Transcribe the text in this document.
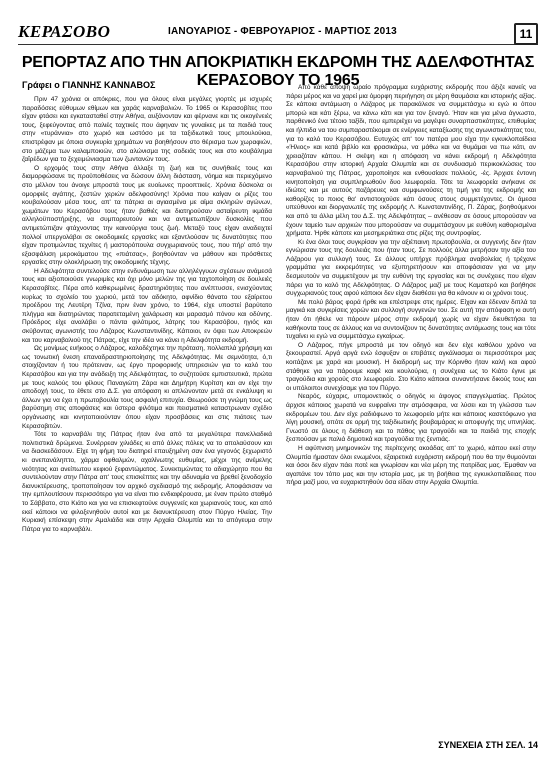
ΚΕΡΑΣΟΒΟ	ΙΑΝΟΥΑΡΙΟΣ - ΦΕΒΡΟΥΑΡΙΟΣ - ΜΑΡΤΙΟΣ 2013	11
ΡΕΠΟΡΤΑΖ ΑΠΟ ΤΗΝ ΑΠΟΚΡΙΑΤΙΚΗ ΕΚΔΡΟΜΗ ΤΗΣ ΑΔΕΛΦΟΤΗΤΑΣ ΚΕΡΑΣΟΒΟΥ ΤΟ 1965
Γράφει ο ΓΙΑΝΝΗΣ ΚΑΝΝΑΒΟΣ

Πριν 47 χρόνια οι απόκριες, που για όλους είναι μεγάλες γιορτές με ισχυρές παραδόσεις εύθυμων εθίμων και χαράς καρναβαλιών. Το 1965 οι Κερασοβίτες που είχαν φτάσει και εγκατασταθεί στην Αθήνα, αυξάνονταν και φέρνανε και τις οικογένειές τους, ξεφεύγοντας από παλιές ταχτικές που άφηναν τις γυναίκες με τα παιδιά τους στην «τυράννια» στο χωριό και ωστόσο με τα ταξιδιωτικά τους μπουλούκια, επιστρέφαν με όποια συγκυρία χρημάτων να βοηθήσουν στο θέρισμα των χωραφιών, στο μάζεμα των καλαμποκιών, στο αλώνισμα της σοδειάς τους και στο κουβάλημα ζαΐρέδων για το ξεχειμώνιασμα των ζωντανών τους.

Ο ερχομός τους στην Αθήνα άλλαξε τη ζωή και τις συνήθειές τους και διαμορφώσανε τις προϋποθέσεις να δώσουν άλλη διάσταση, νόημα και περιεχόμενο στο μέλλον του άνοιγε μπροστά τους με ευοίωνες προοπτικές. Χρόνια δύσκολα οι ομορφιές αγάπης, ζεστών χεριών αδελφοσύνης! Χρόνια που καίγαν οι ρίζες του κουβαλούσαν μέσα τους, απ' τα πάτρια αι αγιασμένα με αίμα σκληρών αγώνων, χωμάτων του Κερασόβου τους ήταν βαθιές και διατηρούσαν ασταίρευτη ικμάδα αλληλοϋποστήριξης, να συμπορευτούν και να αντιμετωπίζουν δυσκολίες που αντιμετώπιζαν φτάχνοντας την καινούργια τους ζωή. Μεταξύ τους είχαν αναδειχτεί πολλοί υπεργολάβοι σε οικοδομικές εργασίες και εξαντλούσαν τις δυνατότητες που είχαν προτιμώντας τεχνίτες ή μαστορόπουλα συγχωριανούς τους, που πήρ' από την εξασφάλιση μεροκάματου της «πιάτσας», βοηθούνταν να μάθουν και πρόσθετες εργασίες στην ολοκλήρωση της οικοδομικής τέχνης.

Η Αδελφότητα συντελούσε στην ενδυνάμωση των αλληλέγγυων σχέσεων ανάμεσά τους και αξιοποιούσε γνωριμίες και όχι μόνο μελών της για ταχτοποίηση σε δουλειές Κερασοβίτες. Πέρα από καθιερωμένες δραστηριότητες που ανέπτυσσε, ενισχύοντας κυρίως το σχολείο του χωριού, μετά τον αδόκητο, αφνίδιο θάνατο του εξαίρετου προέδρου της Λευτέρη Τζίνα, πριν έναν χρόνο, το 1964, είχε υποστεί βαρύτατο πλήγμα και διατηρώντας παρατεταμένη χαλάρωση και μαρασμό πόνου και οδύνης. Πρόεδρος είχε αναλάβει ο πάντα φιλότιμος, λάτρης του Κερασόβου, ηγιός και σκύβοντας αγωνιστής του Λάζαρος Κωνσταντινίδης. Κάποιοι, εν όψει των Αποκρεών και του καρναβαλιού της Πάτρας, είχε την ιδέα να κάνει η Αδελφότητα εκδρομή.

Ως μονίμως ευήκοος ο Λάζαρος, καλοδέχτηκε την πρόταση, πολλαπλά χρήσιμη και ως τονωτική ένεση επαναδραστηριοποίησης της Αδελφότητας. Με σεμνότητα, ό,τι στοιχίζονταν ή του πρότειναν, ως έργο προφορικής υπηρεσιών για το καλό του Κερασόβου και για την ανάδειξη της Αδελφότητας, το συζητούσε εμπιστευτικά, πρώτα με τους καλούς του φίλους Παναγιώτη Ζάρα και Δημήτρη Κυρίτση και αν είχε την αποδοχή τους, το έθετε στο Δ.Σ. για απόφαση κι απλώνονταν μετά σε ενκάλυψη κι άλλων για να έχει η πρωτοβουλία τους ασφαλή επιτυχία. Θεωρούσε τη γνώμη τους ως βαρύσημη στις αποφάσεις και ύστερα φιλότιμα και πεισματικά καταστρωναν σχέδιο οργάνωσης και κινητοποιούνταν όπου είχαν προσβάσεις και στις πιάτσες των Κερασοβιτών.

Τότε το καρναβάλι της Πάτρας ήταν ένα από τα μεγαλύτερα πανελλαδικά πολιτιστικά δρώμενα. Συνέρρεαν χιλιάδες κι από άλλες πόλεις να το απολαύσουν και να διασκεδάσουν. Είχε τη φήμη του διατηρεί επαυξημένη σαν ένα γεγονός ξεχωριστό κι ανεπανάληπτο, χάρμα οφθαλμών, αχαλίνωτης ευθυμίας, μέχρι της ανέμελης νεότητας και ανείπωτου κεφιού ξεφαντώματος. Συνεκτιμώντας το αδιαχώρητο που θα συντελούνταν στην Πάτρα απ' τους επισκέπτες και την αδυναμία να βρεθεί ξενοδοχείο διανυκτέρευσης, τροποποίησαν τον αρχικό σχεδιασμό της εκδρομής. Αποφάσισαν να την εμπλουτίσουν περισσότερο για να είναι πιο ενδιαφέρουσα, με έναν πρώτο σταθμό το Σάββατο, στο Κιάτο και για να επισκεφτούνε συγγενείς και χωριανούς τους, και από εκεί κάποιοι να φιλοξενηθούν αυτοί και με διανυκτέρευση στον Πύργο Ηλείας. Την Κυριακή επίσκεψη στην Αμαλιάδα και στην Αρχαία Ολυμπία και το απόγευμα στην Πάτρα για το καρναβάλι.

Από κάθε άποψη ωραίο πρόγραμμα ευχάριστης εκδρομής που άξιζε κανείς να πάρει μέρος και να χαρεί μια όμορφη περιήγηση σε μέρη θαυμάσια και ιστορικής αξίας. Σε κάποια αντάμωση ο Λάζαρος με παρακάλεσε να συμμετάσχω κι εγώ κι όπου μπορώ και κάτι ξέρω, να κάνω κάτι και για τον ξεναγό. Ήταν και για μένα άγνωστο, παρθενικό ένα τέτοιο ταξίδι, που εμπεριέχει να μαγέψει συναρπαστικότητες, επιθυμίας και ήλπιδα να του συμπαραστέκομαι σε ενέργειες καταξίωσης της αγωνιστικότητας του, για το καλό του Κερασόβου. Ευτυχώς απ' τον πατέρα μου είχα την εγκυκλοπαίδεια «Ήλιος» και κατά βιβλίο και φρασικάρω, να μάθω και να θυμάμαι να πω κάτι, αν χρειαζόταν κάπου. Η σκέψη και η απόφαση να κάνει εκδρομή η Αδελφότητα Κερασόβου στην ιστορική Αρχαία Ολυμπία και σε συνδυασμό περικοκλώσεις του καρναβαλιού της Πάτρας, χαροποίησε και ενθουσίασε πολλούς, -ές. Άρχισε έντονη κινητοποίηση για συμπληρωθούν δυο λεωφορεία. Τότε τα λεωφορεία ανήκανε σε ιδιώτες και με αυτούς παζάρευες και συμφωνούσες τη τιμή για της εκδρομής και καθορίζες το ποιος θα' αντιστοιχούσε κάτι όσους στους συμμετέχοντες. Οι άμεσα υπεύθυνοι και διοργανωτές της εκδρομής Λ. Κωνσταντινίδης, Π. Ζάρας, βοηθούμενοι και από τα άλλα μέλη του Δ.Σ. της Αδελφότητας – ανέθεσαν σε όσους μπορούσαν να έχουν ταμείο των αρχικών που μπορούσαν να συμμετάσχουν με ευθύνη καθορισμένα χρήματα. Ήρθε κάποτε και μεσημεριάτικα στις ρίζες της συντροφίας.

Κι ένα όλοι τους συγκρίσαν για την αξιέπαινη πρωτοβουλία, οι συγγενής δεν ήταν εγνώρισαν τους της δουλειάς που ήταν τους. Σε πολλούς άλλα μετρήσαν την αξία του Λάζαρου για συλλογή τους. Σε άλλους υπήρχε πρόβλημα αναβολείας ή τρέχανε γραμμάτια για εκκρεμότητες να εξυπηρετήσουν και αποφάσισαν για να μην δεσμευτούν να συμμετέχουν με την ευθύνη της εργασίας και τις συνέχειες που είχαν πάρει για το καλό της Αδελφότητας. Ο Λάζαρος μαζί με τους Καματερό και βοήθησε συγχωριανούς τους αφού κάποιοι δεν είχαν διαθέσει για θα κάνουν κι οι χρόνοι τους.

Με πολύ βάρος φορά ήρθε και επέστρεψε στις ημέρες. Είχαν και έδεναν διπλά τα μαγικά και συγκρίσεις χορών και συλλογή συγγενών του. Σε αυτή την απόφαση κι αυτή ήταν ότι ήθελε να πάρουν μέρος στην εκδρομή χωρίς να είχαν διευθετήσει τα καθήκοντα τους σε άλλους και να συντονίζουν τις δυνατότητες αντάμωσης τους και τότε τυχαίνει κι εγώ να συμμετάσχω εγκαίρως.

Ο Λάζαρος, πήγε μπροστά με τον οδηγό και δεν είχε καθόλου χρόνο να ξεκουραστεί. Αργά αργά ενώ έσφυξαν οι επιβάτες αγκάλιασμα οι περισσότεροι μας κοιτάζανε με χαρά και μουσική. Η διαδρομή ως την Κόρινθο ήταν καλή και αφού στάθηκε για να πάρουμε καφέ και κουλούρια, η συνέχεια ως το Κιάτο έγινε με τραγούδια και χορούς στο λεωφορείο. Στο Κιάτο κάποιοι συναντήσανε δικούς τους και οι υπόλοιποι συνεχίσαμε για τον Πύργο.

Νεαρός, εύχαρις, υπομονετικός ο οδηγός κι άψογος επαγγελματίας. Πρώτος άρχισε κάποιος χωρατά να ευφραίνει την ατμόσφαιρα, να λύσει και τη γλώσσα των εκδρομέων του. Δεν είχε ραδιόφωνο το λεωφορείο μήτε και κάποιος κασετόφωνο για λίγη μουσική, οπότε σε ορμή της ταξιδιωτικής βουβαμάρας κι αποφυγής της υπνηλίας. Γνωστό σε όλους η διάθεση και το πάθος για τραγούδι και τα παιδιά της εποχής ξεσπούσαν με παλιά δημοτικά και τραγούδια της ξενιτιάς.

Η αφύπνιση μνημονικών της περίτεχνης ακοάδας απ' το χωριό, κάπου εκεί στην Ολυμπία ήμασταν όλοι ενωμένοι, εξαιρετικά ευχάριστη εκδρομή που θα την θυμούνται και όσοι δεν είχαν πάει ποτέ και γνωρίσαν και νέα μέρη της πατρίδας μας. Έμαθαν να αγαπάνε τον τόπο μας και την ιστορία μας, με τη βοήθεια της εγκυκλοπαίδειας που πήρα μαζί μου, να ευχαριστηθούν όσα είδαν στην Αρχαία Ολυμπία.

ΣΥΝΕΧΕΙΑ ΣΤΗ ΣΕΛ. 14
